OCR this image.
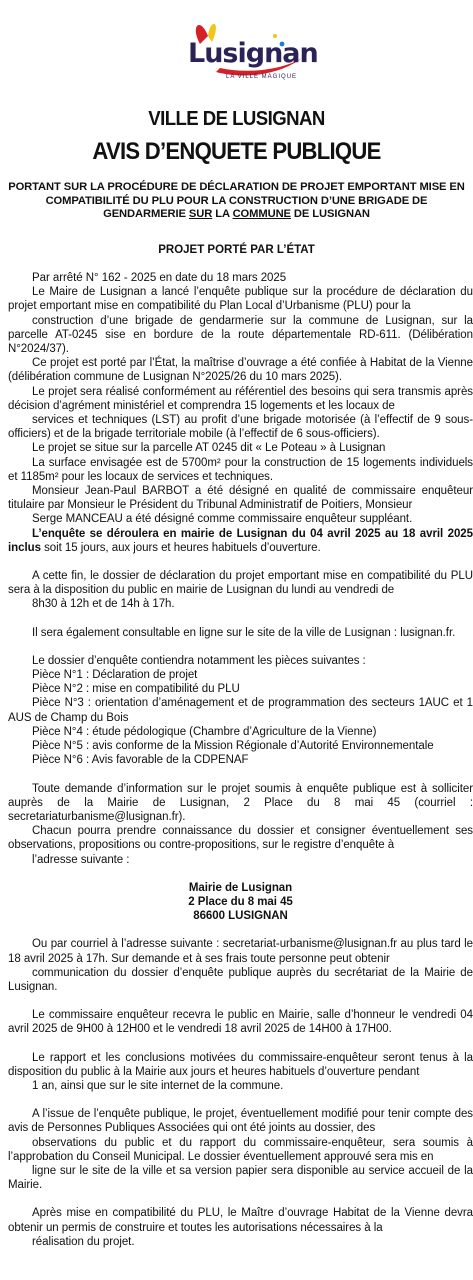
Lusignan
LA VILLE MAGIQUE
VILLE DE LUSIGNAN
AVIS D’ENQUETE PUBLIQUE
PORTANT SUR LA PROCÉDURE DE DÉCLARATION DE PROJET EMPORTANT MISE EN COMPATIBILITÉ DU PLU POUR LA CONSTRUCTION D’UNE BRIGADE DE GENDARMERIE SUR LA COMMUNE DE LUSIGNAN
PROJET PORTÉ PAR L’ÉTAT

Par arrêté N° 162 - 2025 en date du 18 mars 2025

Le Maire de Lusignan a lancé l’enquête publique sur la procédure de déclaration du projet emportant mise en compatibilité du Plan Local d’Urbanisme (PLU) pour la

construction d’une brigade de gendarmerie sur la commune de Lusignan, sur la parcelle AT-0245 sise en bordure de la route départementale RD-611. (Délibération N°2024/37).

Ce projet est porté par l’État, la maîtrise d’ouvrage a été confiée à Habitat de la Vienne (délibération commune de Lusignan N°2025/26 du 10 mars 2025).

Le projet sera réalisé conformément au référentiel des besoins qui sera transmis après décision d’agrément ministériel et comprendra 15 logements et les locaux de

services et techniques (LST) au profit d’une brigade motorisée (à l’effectif de 9 sous-officiers) et de la brigade territoriale mobile (à l’effectif de 6 sous-officiers).

Le projet se situe sur la parcelle AT 0245 dit « Le Poteau » à Lusignan

La surface envisagée est de 5700m² pour la construction de 15 logements individuels et 1185m² pour les locaux de services et techniques.

Monsieur Jean-Paul BARBOT a été désigné en qualité de commissaire enquêteur titulaire par Monsieur le Président du Tribunal Administratif de Poitiers, Monsieur

Serge MANCEAU a été désigné comme commissaire enquêteur suppléant.

L’enquête se déroulera en mairie de Lusignan du 04 avril 2025 au 18 avril 2025 inclus soit 15 jours, aux jours et heures habituels d’ouverture.

A cette fin, le dossier de déclaration du projet emportant mise en compatibilité du PLU sera à la disposition du public en mairie de Lusignan du lundi au vendredi de

8h30 à 12h et de 14h à 17h.

Il sera également consultable en ligne sur le site de la ville de Lusignan : lusignan.fr.

Le dossier d’enquête contiendra notamment les pièces suivantes :

Pièce N°1 : Déclaration de projet

Pièce N°2 : mise en compatibilité du PLU

Pièce N°3 : orientation d’aménagement et de programmation des secteurs 1AUC et 1 AUS de Champ du Bois

Pièce N°4 : étude pédologique (Chambre d’Agriculture de la Vienne)

Pièce N°5 : avis conforme de la Mission Régionale d’Autorité Environnementale

Pièce N°6 : Avis favorable de la CDPENAF

Toute demande d’information sur le projet soumis à enquête publique est à solliciter auprès de la Mairie de Lusignan, 2 Place du 8 mai 45 (courriel : secretariaturbanisme@lusignan.fr).

Chacun pourra prendre connaissance du dossier et consigner éventuellement ses observations, propositions ou contre-propositions, sur le registre d’enquête à

l’adresse suivante :

Mairie de Lusignan

2 Place du 8 mai 45

86600 LUSIGNAN

Ou par courriel à l’adresse suivante : secretariat-urbanisme@lusignan.fr au plus tard le 18 avril 2025 à 17h. Sur demande et à ses frais toute personne peut obtenir

communication du dossier d’enquête publique auprès du secrétariat de la Mairie de Lusignan.

Le commissaire enquêteur recevra le public en Mairie, salle d’honneur le vendredi 04 avril 2025 de 9H00 à 12H00 et le vendredi 18 avril 2025 de 14H00 à 17H00.

Le rapport et les conclusions motivées du commissaire-enquêteur seront tenus à la disposition du public à la Mairie aux jours et heures habituels d’ouverture pendant

1 an, ainsi que sur le site internet de la commune.

A l’issue de l’enquête publique, le projet, éventuellement modifié pour tenir compte des avis de Personnes Publiques Associées qui ont été joints au dossier, des

observations du public et du rapport du commissaire-enquêteur, sera soumis à l’approbation du Conseil Municipal. Le dossier éventuellement approuvé sera mis en

ligne sur le site de la ville et sa version papier sera disponible au service accueil de la Mairie.

Après mise en compatibilité du PLU, le Maître d’ouvrage Habitat de la Vienne devra obtenir un permis de construire et toutes les autorisations nécessaires à la

réalisation du projet.
